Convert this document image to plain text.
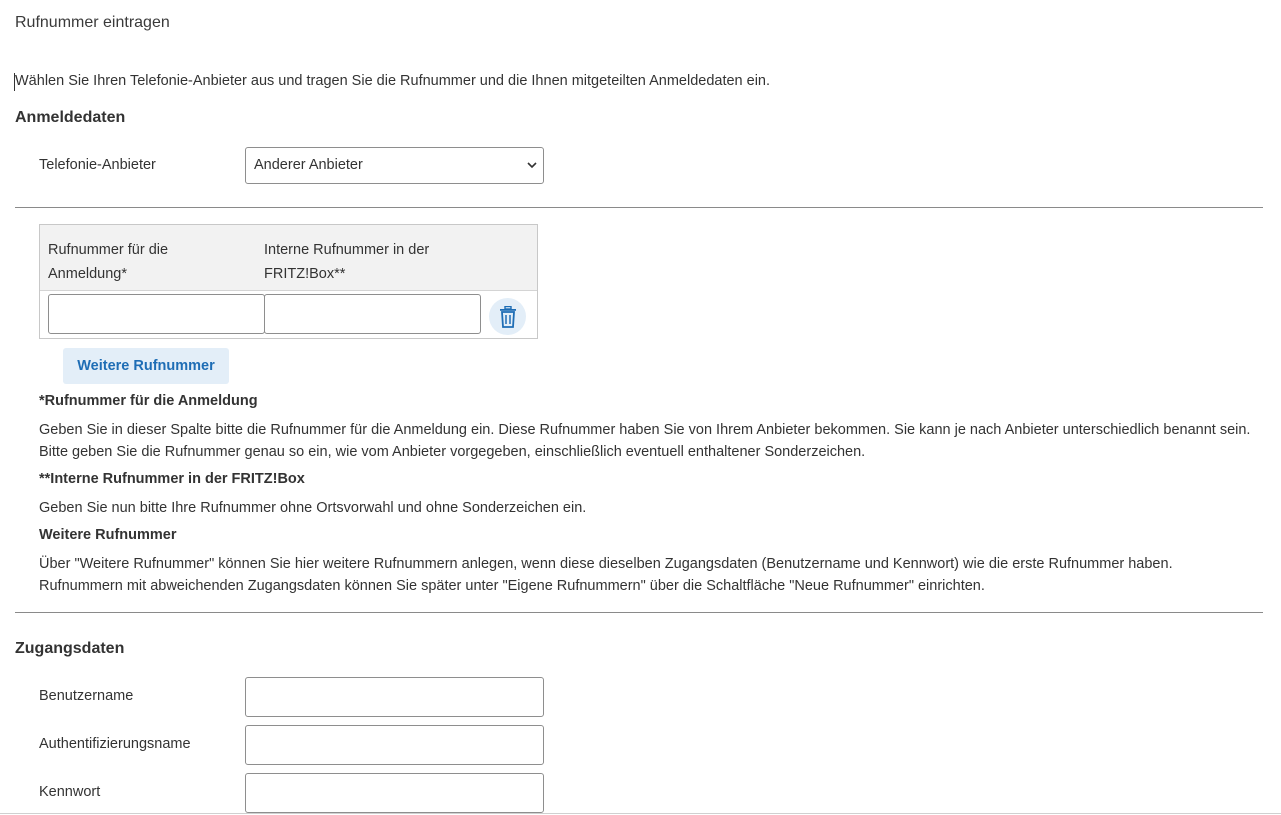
Rufnummer eintragen
Wählen Sie Ihren Telefonie-Anbieter aus und tragen Sie die Rufnummer und die Ihnen mitgeteilten Anmeldedaten ein.
Anmeldedaten
Telefonie-Anbieter	Anderer Anbieter
Rufnummer für die Anmeldung*
Interne Rufnummer in der FRITZ!Box**
Weitere Rufnummer
*Rufnummer für die Anmeldung
Geben Sie in dieser Spalte bitte die Rufnummer für die Anmeldung ein. Diese Rufnummer haben Sie von Ihrem Anbieter bekommen. Sie kann je nach Anbieter unterschiedlich benannt sein. Bitte geben Sie die Rufnummer genau so ein, wie vom Anbieter vorgegeben, einschließlich eventuell enthaltener Sonderzeichen.
**Interne Rufnummer in der FRITZ!Box
Geben Sie nun bitte Ihre Rufnummer ohne Ortsvorwahl und ohne Sonderzeichen ein.
Weitere Rufnummer
Über "Weitere Rufnummer" können Sie hier weitere Rufnummern anlegen, wenn diese dieselben Zugangsdaten (Benutzername und Kennwort) wie die erste Rufnummer haben. Rufnummern mit abweichenden Zugangsdaten können Sie später unter "Eigene Rufnummern" über die Schaltfläche "Neue Rufnummer" einrichten.
Zugangsdaten
Benutzername
Authentifizierungsname
Kennwort
